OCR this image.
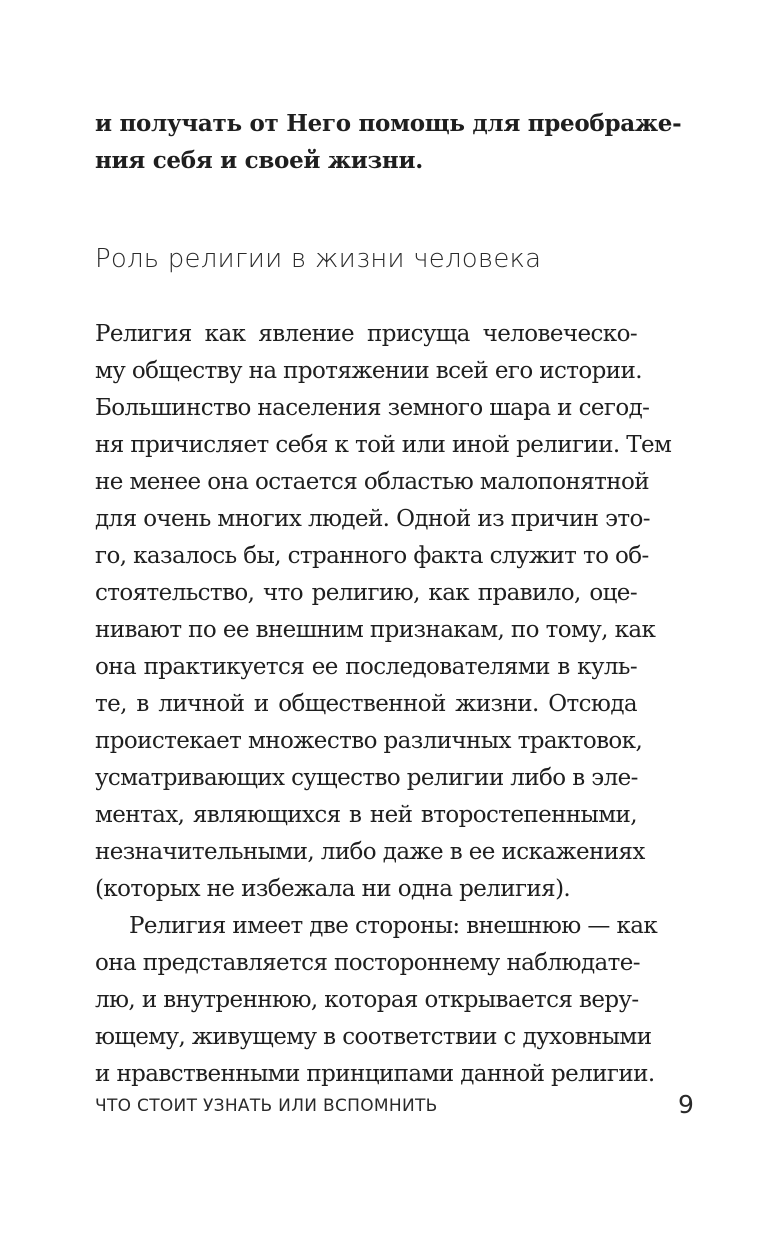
и получать от Него помощь для преображе-
ния себя и своей жизни.
Роль религии в жизни человека
Религия как явление присуща человеческо-
му обществу на протяжении всей его истории.
Большинство населения земного шара и сегод-
ня причисляет себя к той или иной религии. Тем
не менее она остается областью малопонятной
для очень многих людей. Одной из причин это-
го, казалось бы, странного факта служит то об-
стоятельство, что религию, как правило, оце-
нивают по ее внешним признакам, по тому, как
она практикуется ее последователями в куль-
те, в личной и общественной жизни. Отсюда
проистекает множество различных трактовок,
усматривающих существо религии либо в эле-
ментах, являющихся в ней второстепенными,
незначительными, либо даже в ее искажениях
(которых не избежала ни одна религия).
Религия имеет две стороны: внешнюю — как
она представляется постороннему наблюдате-
лю, и внутреннюю, которая открывается веру-
ющему, живущему в соответствии с духовными
и нравственными принципами данной религии.
ЧТО СТОИТ УЗНАТЬ ИЛИ ВСПОМНИТЬ	9
